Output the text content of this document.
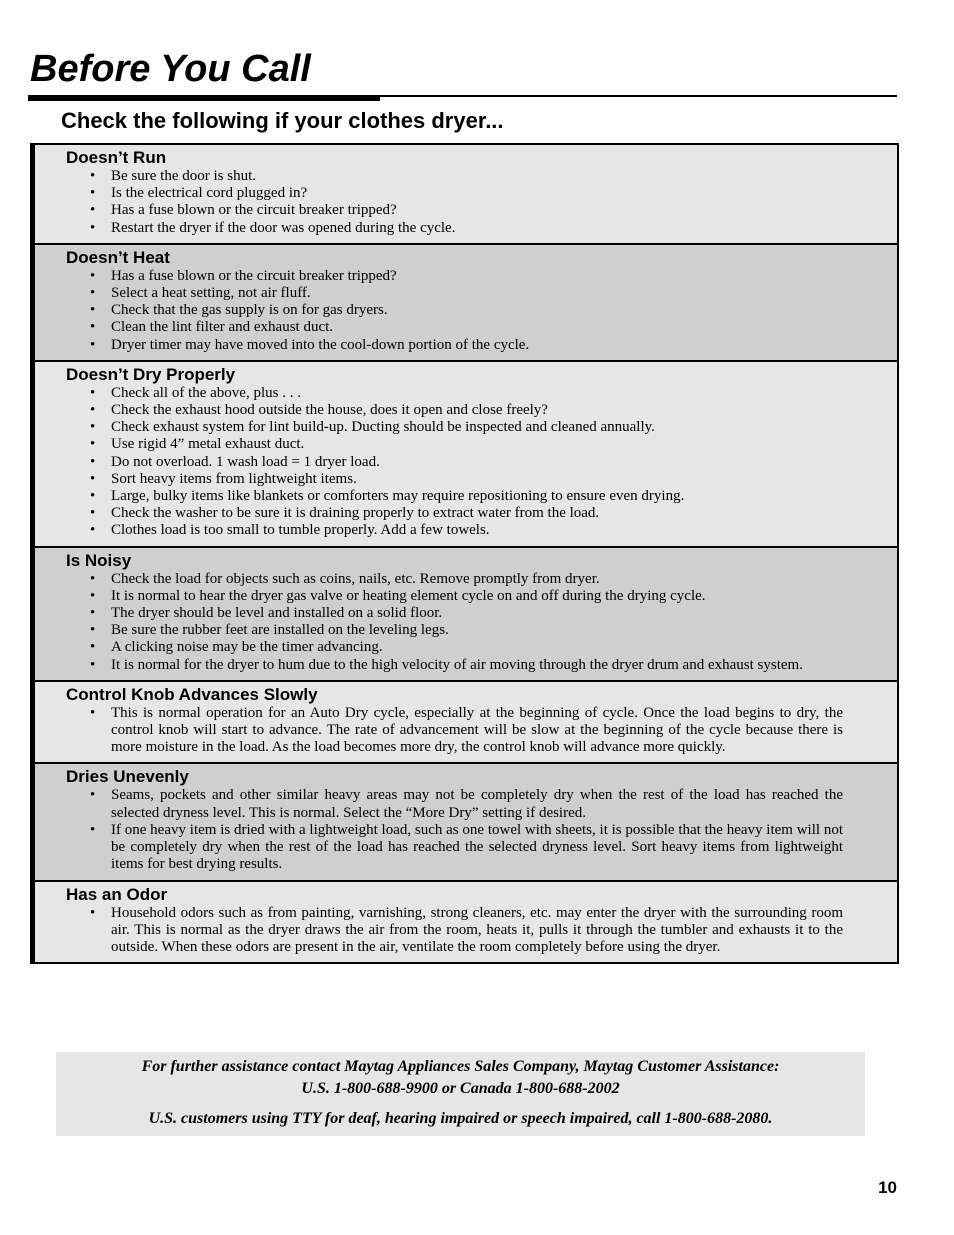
Before You Call
Check the following if your clothes dryer...
Doesn’t Run
• Be sure the door is shut.
• Is the electrical cord plugged in?
• Has a fuse blown or the circuit breaker tripped?
• Restart the dryer if the door was opened during the cycle.
Doesn’t Heat
• Has a fuse blown or the circuit breaker tripped?
• Select a heat setting, not air fluff.
• Check that the gas supply is on for gas dryers.
• Clean the lint filter and exhaust duct.
• Dryer timer may have moved into the cool-down portion of the cycle.
Doesn’t Dry Properly
• Check all of the above, plus . . .
• Check the exhaust hood outside the house, does it open and close freely?
• Check exhaust system for lint build-up. Ducting should be inspected and cleaned annually.
• Use rigid 4” metal exhaust duct.
• Do not overload. 1 wash load = 1 dryer load.
• Sort heavy items from lightweight items.
• Large, bulky items like blankets or comforters may require repositioning to ensure even drying.
• Check the washer to be sure it is draining properly to extract water from the load.
• Clothes load is too small to tumble properly. Add a few towels.
Is Noisy
• Check the load for objects such as coins, nails, etc. Remove promptly from dryer.
• It is normal to hear the dryer gas valve or heating element cycle on and off during the drying cycle.
• The dryer should be level and installed on a solid floor.
• Be sure the rubber feet are installed on the leveling legs.
• A clicking noise may be the timer advancing.
• It is normal for the dryer to hum due to the high velocity of air moving through the dryer drum and exhaust system.
Control Knob Advances Slowly
• This is normal operation for an Auto Dry cycle, especially at the beginning of cycle. Once the load begins to dry, the control knob will start to advance. The rate of advancement will be slow at the beginning of the cycle because there is more moisture in the load. As the load becomes more dry, the control knob will advance more quickly.
Dries Unevenly
• Seams, pockets and other similar heavy areas may not be completely dry when the rest of the load has reached the selected dryness level. This is normal. Select the “More Dry” setting if desired.
• If one heavy item is dried with a lightweight load, such as one towel with sheets, it is possible that the heavy item will not be completely dry when the rest of the load has reached the selected dryness level. Sort heavy items from lightweight items for best drying results.
Has an Odor
• Household odors such as from painting, varnishing, strong cleaners, etc. may enter the dryer with the surrounding room air. This is normal as the dryer draws the air from the room, heats it, pulls it through the tumbler and exhausts it to the outside. When these odors are present in the air, ventilate the room completely before using the dryer.

For further assistance contact Maytag Appliances Sales Company, Maytag Customer Assistance:

U.S. 1-800-688-9900 or Canada 1-800-688-2002

U.S. customers using TTY for deaf, hearing impaired or speech impaired, call 1-800-688-2080.

10
